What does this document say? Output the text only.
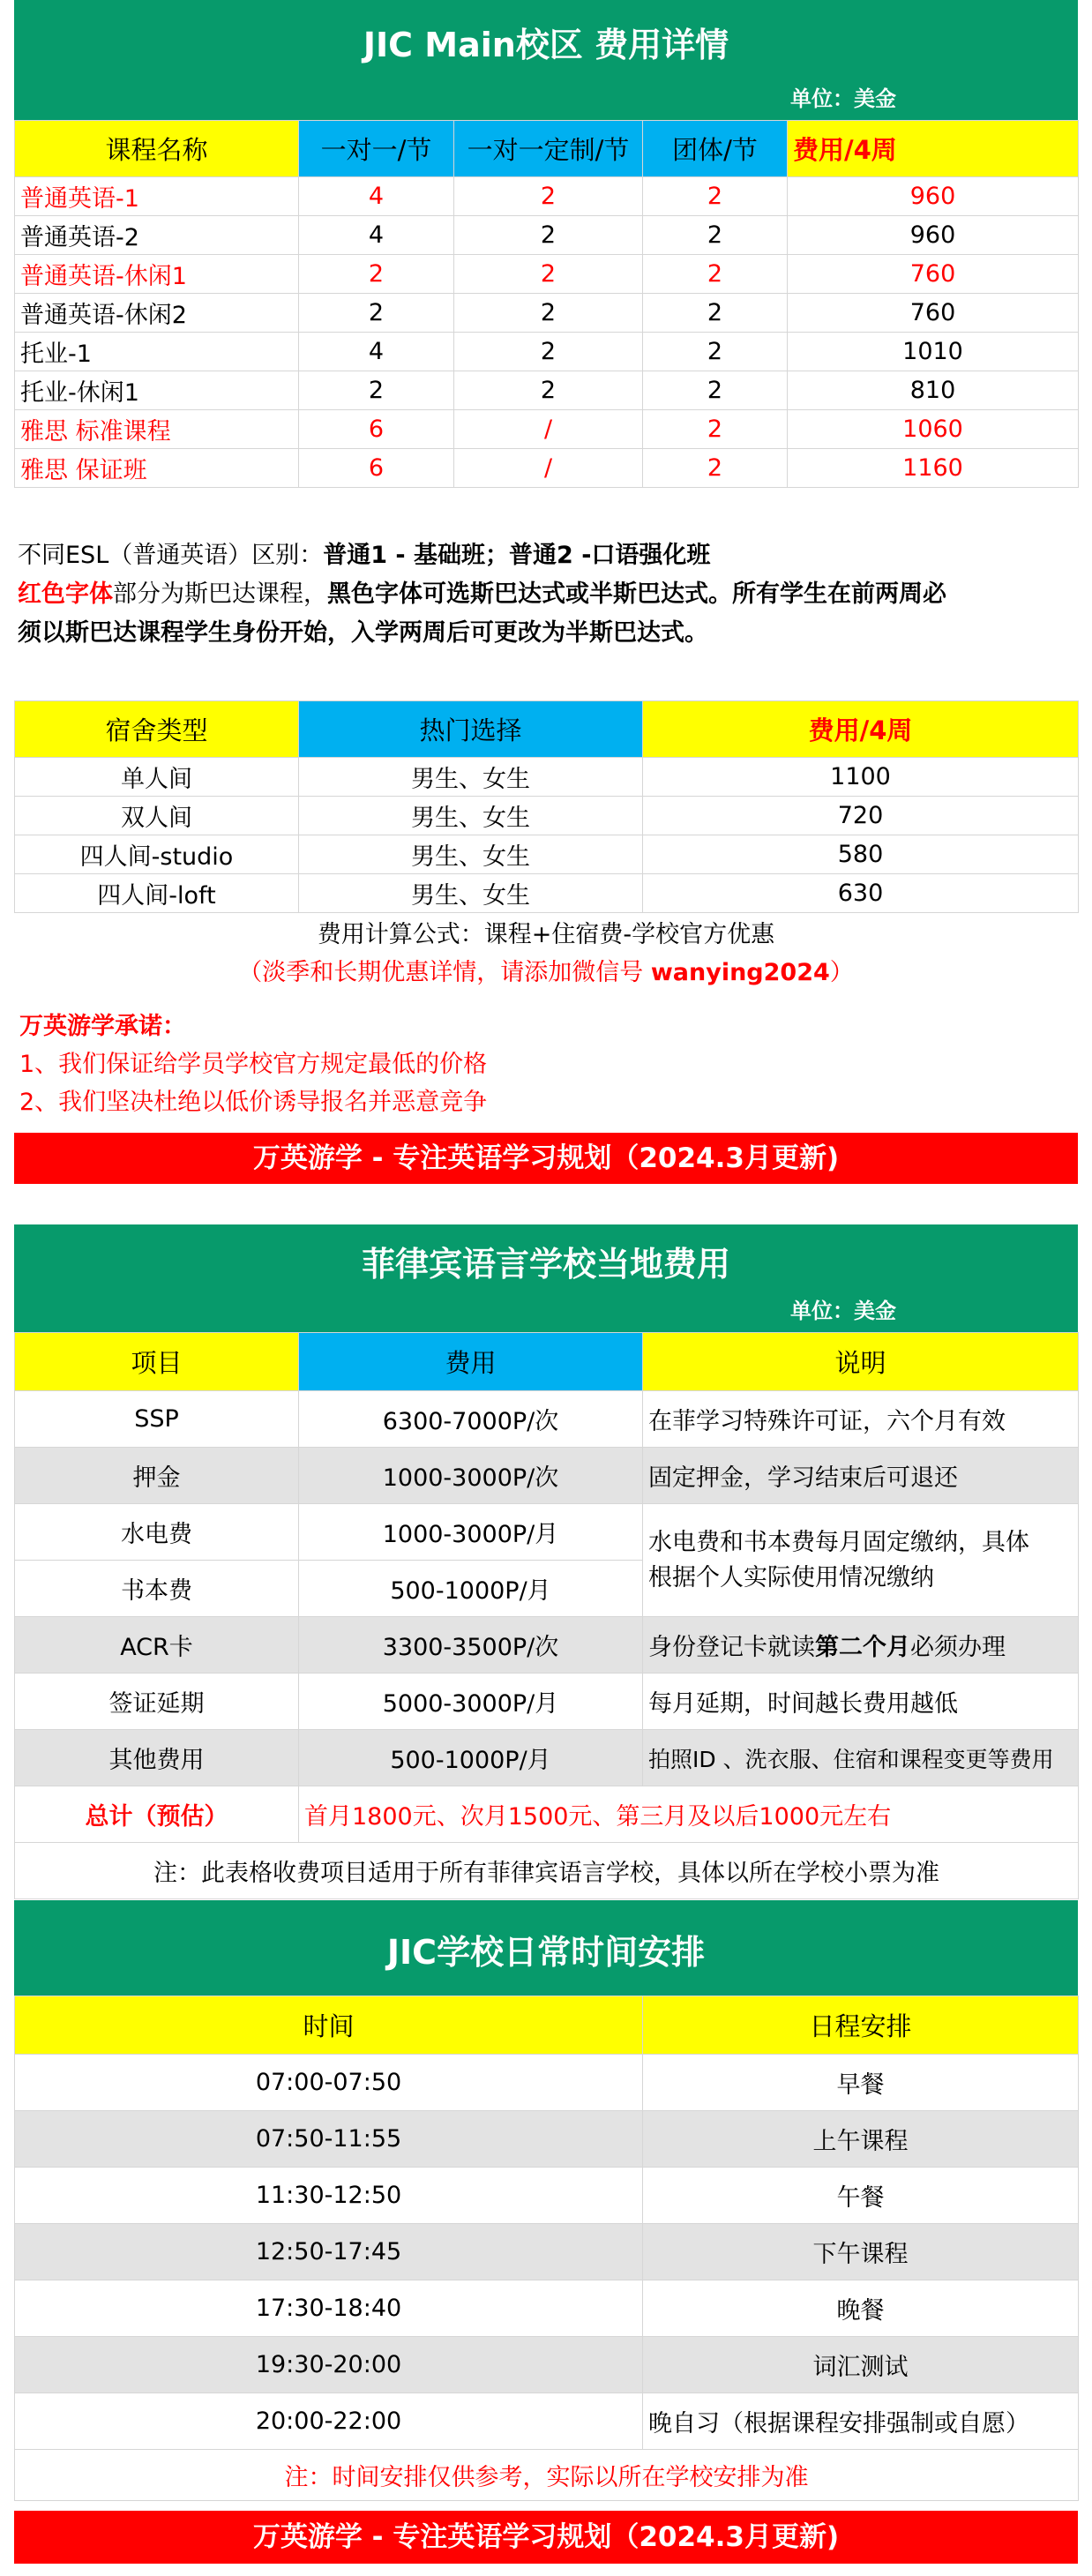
JIC Main校区 费用详情
单位：美金
课程名称	一对一/节	一对一定制/节	团体/节	费用/4周
普通英语-1	4	2	2	960
普通英语-2	4	2	2	960
普通英语-休闲1	2	2	2	760
普通英语-休闲2	2	2	2	760
托业-1	4	2	2	1010
托业-休闲1	2	2	2	810
雅思 标准课程	6	/	2	1060
雅思 保证班	6	/	2	1160
不同ESL（普通英语）区别：普通1 - 基础班；普通2 -口语强化班
红色字体部分为斯巴达课程，黑色字体可选斯巴达式或半斯巴达式。所有学生在前两周必
须以斯巴达课程学生身份开始，入学两周后可更改为半斯巴达式。
宿舍类型	热门选择	费用/4周
单人间	男生、女生	1100
双人间	男生、女生	720
四人间-studio	男生、女生	580
四人间-loft	男生、女生	630
费用计算公式：课程+住宿费-学校官方优惠
（淡季和长期优惠详情，请添加微信号 wanying2024）
万英游学承诺：
1、我们保证给学员学校官方规定最低的价格
2、我们坚决杜绝以低价诱导报名并恶意竞争
万英游学 - 专注英语学习规划（2024.3月更新)
菲律宾语言学校当地费用
单位：美金
项目	费用	说明
SSP	6300-7000P/次	在菲学习特殊许可证，六个月有效
押金	1000-3000P/次	固定押金，学习结束后可退还
水电费	1000-3000P/月	水电费和书本费每月固定缴纳，具体
根据个人实际使用情况缴纳

书本费	500-1000P/月	
ACR卡	3300-3500P/次	身份登记卡就读第二个月必须办理
签证延期	5000-3000P/月	每月延期，时间越长费用越低
其他费用	500-1000P/月	拍照ID 、洗衣服、住宿和课程变更等费用
总计（预估）	首月1800元、次月1500元、第三月及以后1000元左右	
注：此表格收费项目适用于所有菲律宾语言学校，具体以所在学校小票为准		
JIC学校日常时间安排
时间	日程安排
07:00-07:50	早餐
07:50-11:55	上午课程
11:30-12:50	午餐
12:50-17:45	下午课程
17:30-18:40	晚餐
19:30-20:00	词汇测试
20:00-22:00	晚自习（根据课程安排强制或自愿）
注：时间安排仅供参考，实际以所在学校安排为准	
万英游学 - 专注英语学习规划（2024.3月更新)
